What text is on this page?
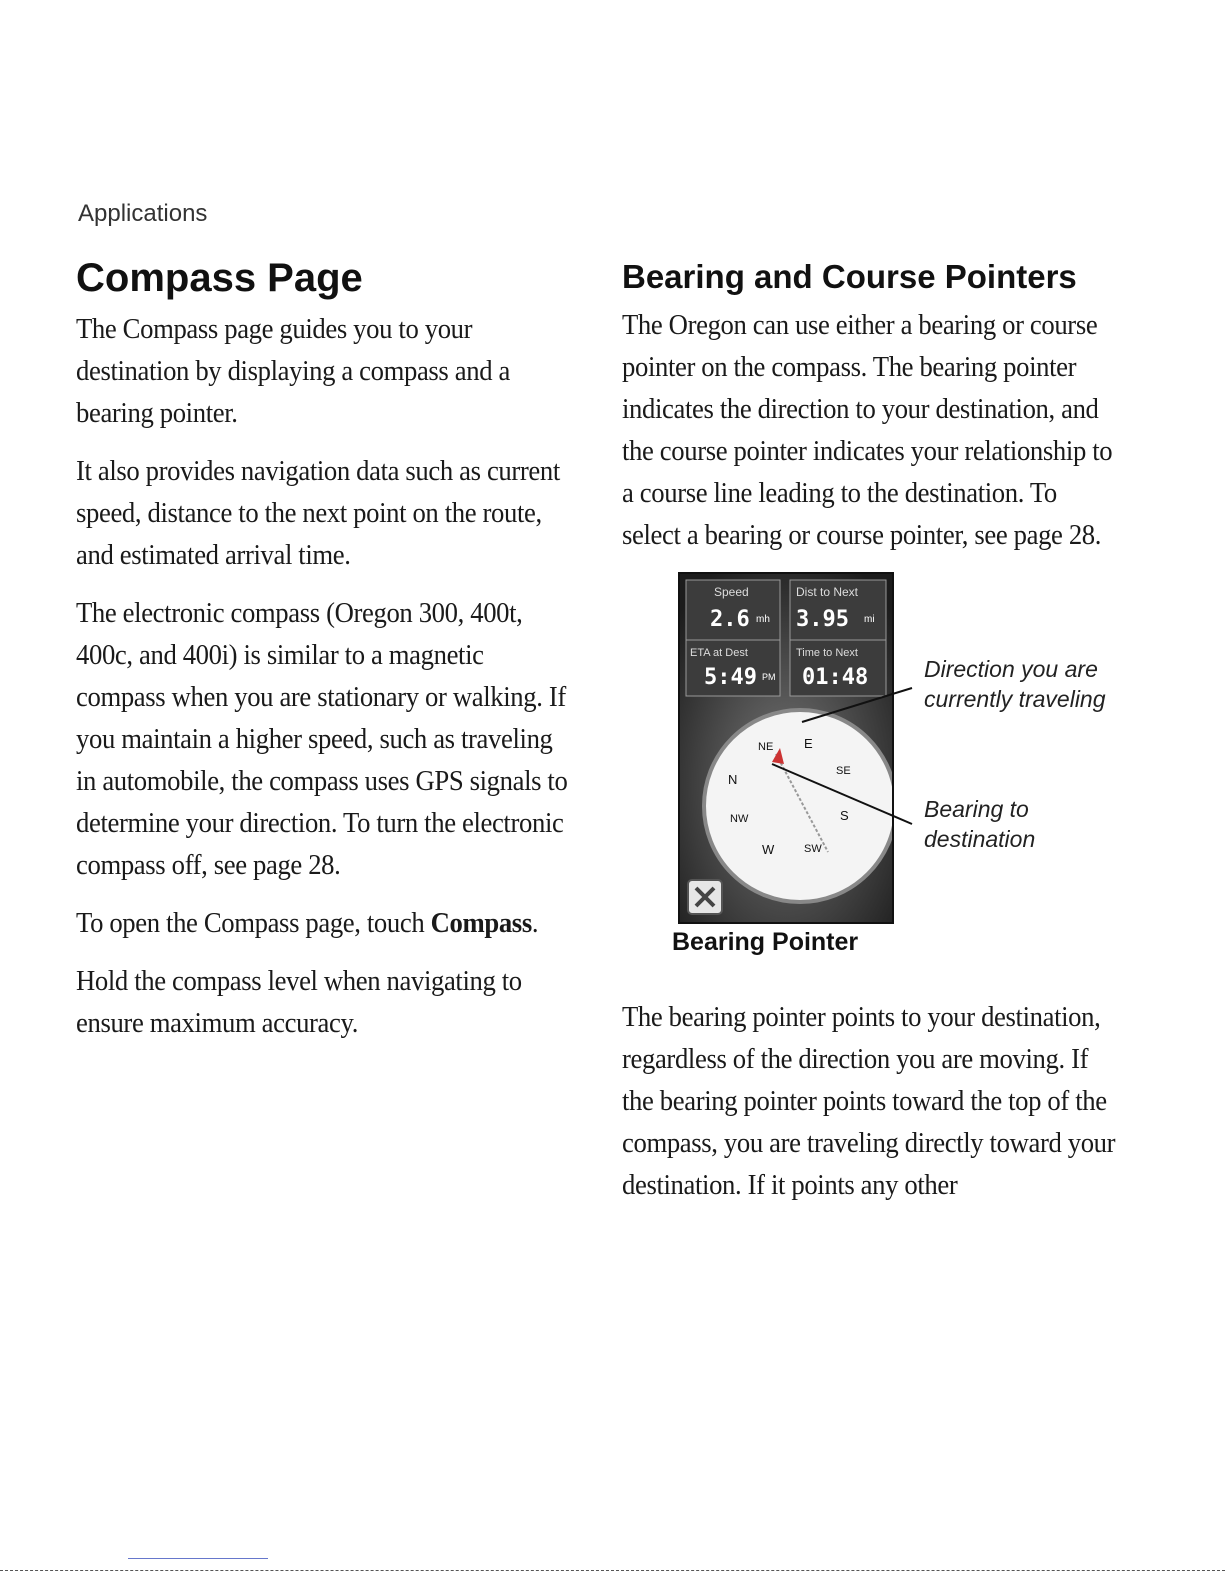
Applications
Compass Page

The Compass page guides you to your destination by displaying a compass and a bearing pointer.

It also provides navigation data such as current speed, distance to the next point on the route, and estimated arrival time.

The electronic compass (Oregon 300, 400t, 400c, and 400i) is similar to a magnetic compass when you are stationary or walking. If you maintain a higher speed, such as traveling in automobile, the compass uses GPS signals to determine your direction. To turn the electronic compass off, see page 28.

To open the Compass page, touch Compass.

Hold the compass level when navigating to ensure maximum accuracy.

Bearing and Course Pointers

The Oregon can use either a bearing or course pointer on the compass. The bearing pointer indicates the direction to your destination, and the course pointer indicates your relationship to a course line leading to the destination. To select a bearing or course pointer, see page 28.

Speed
2.6 mh
Dist to Next
3.95 mi
ETA at Dest
5:49 PM
Time to Next
01:48
N
NE E
SE
S
SW
W
NW
Direction you are currently traveling
Bearing to destination
Bearing Pointer

The bearing pointer points to your destination, regardless of the direction you are moving. If the bearing pointer points toward the top of the compass, you are traveling directly toward your destination. If it points any other
